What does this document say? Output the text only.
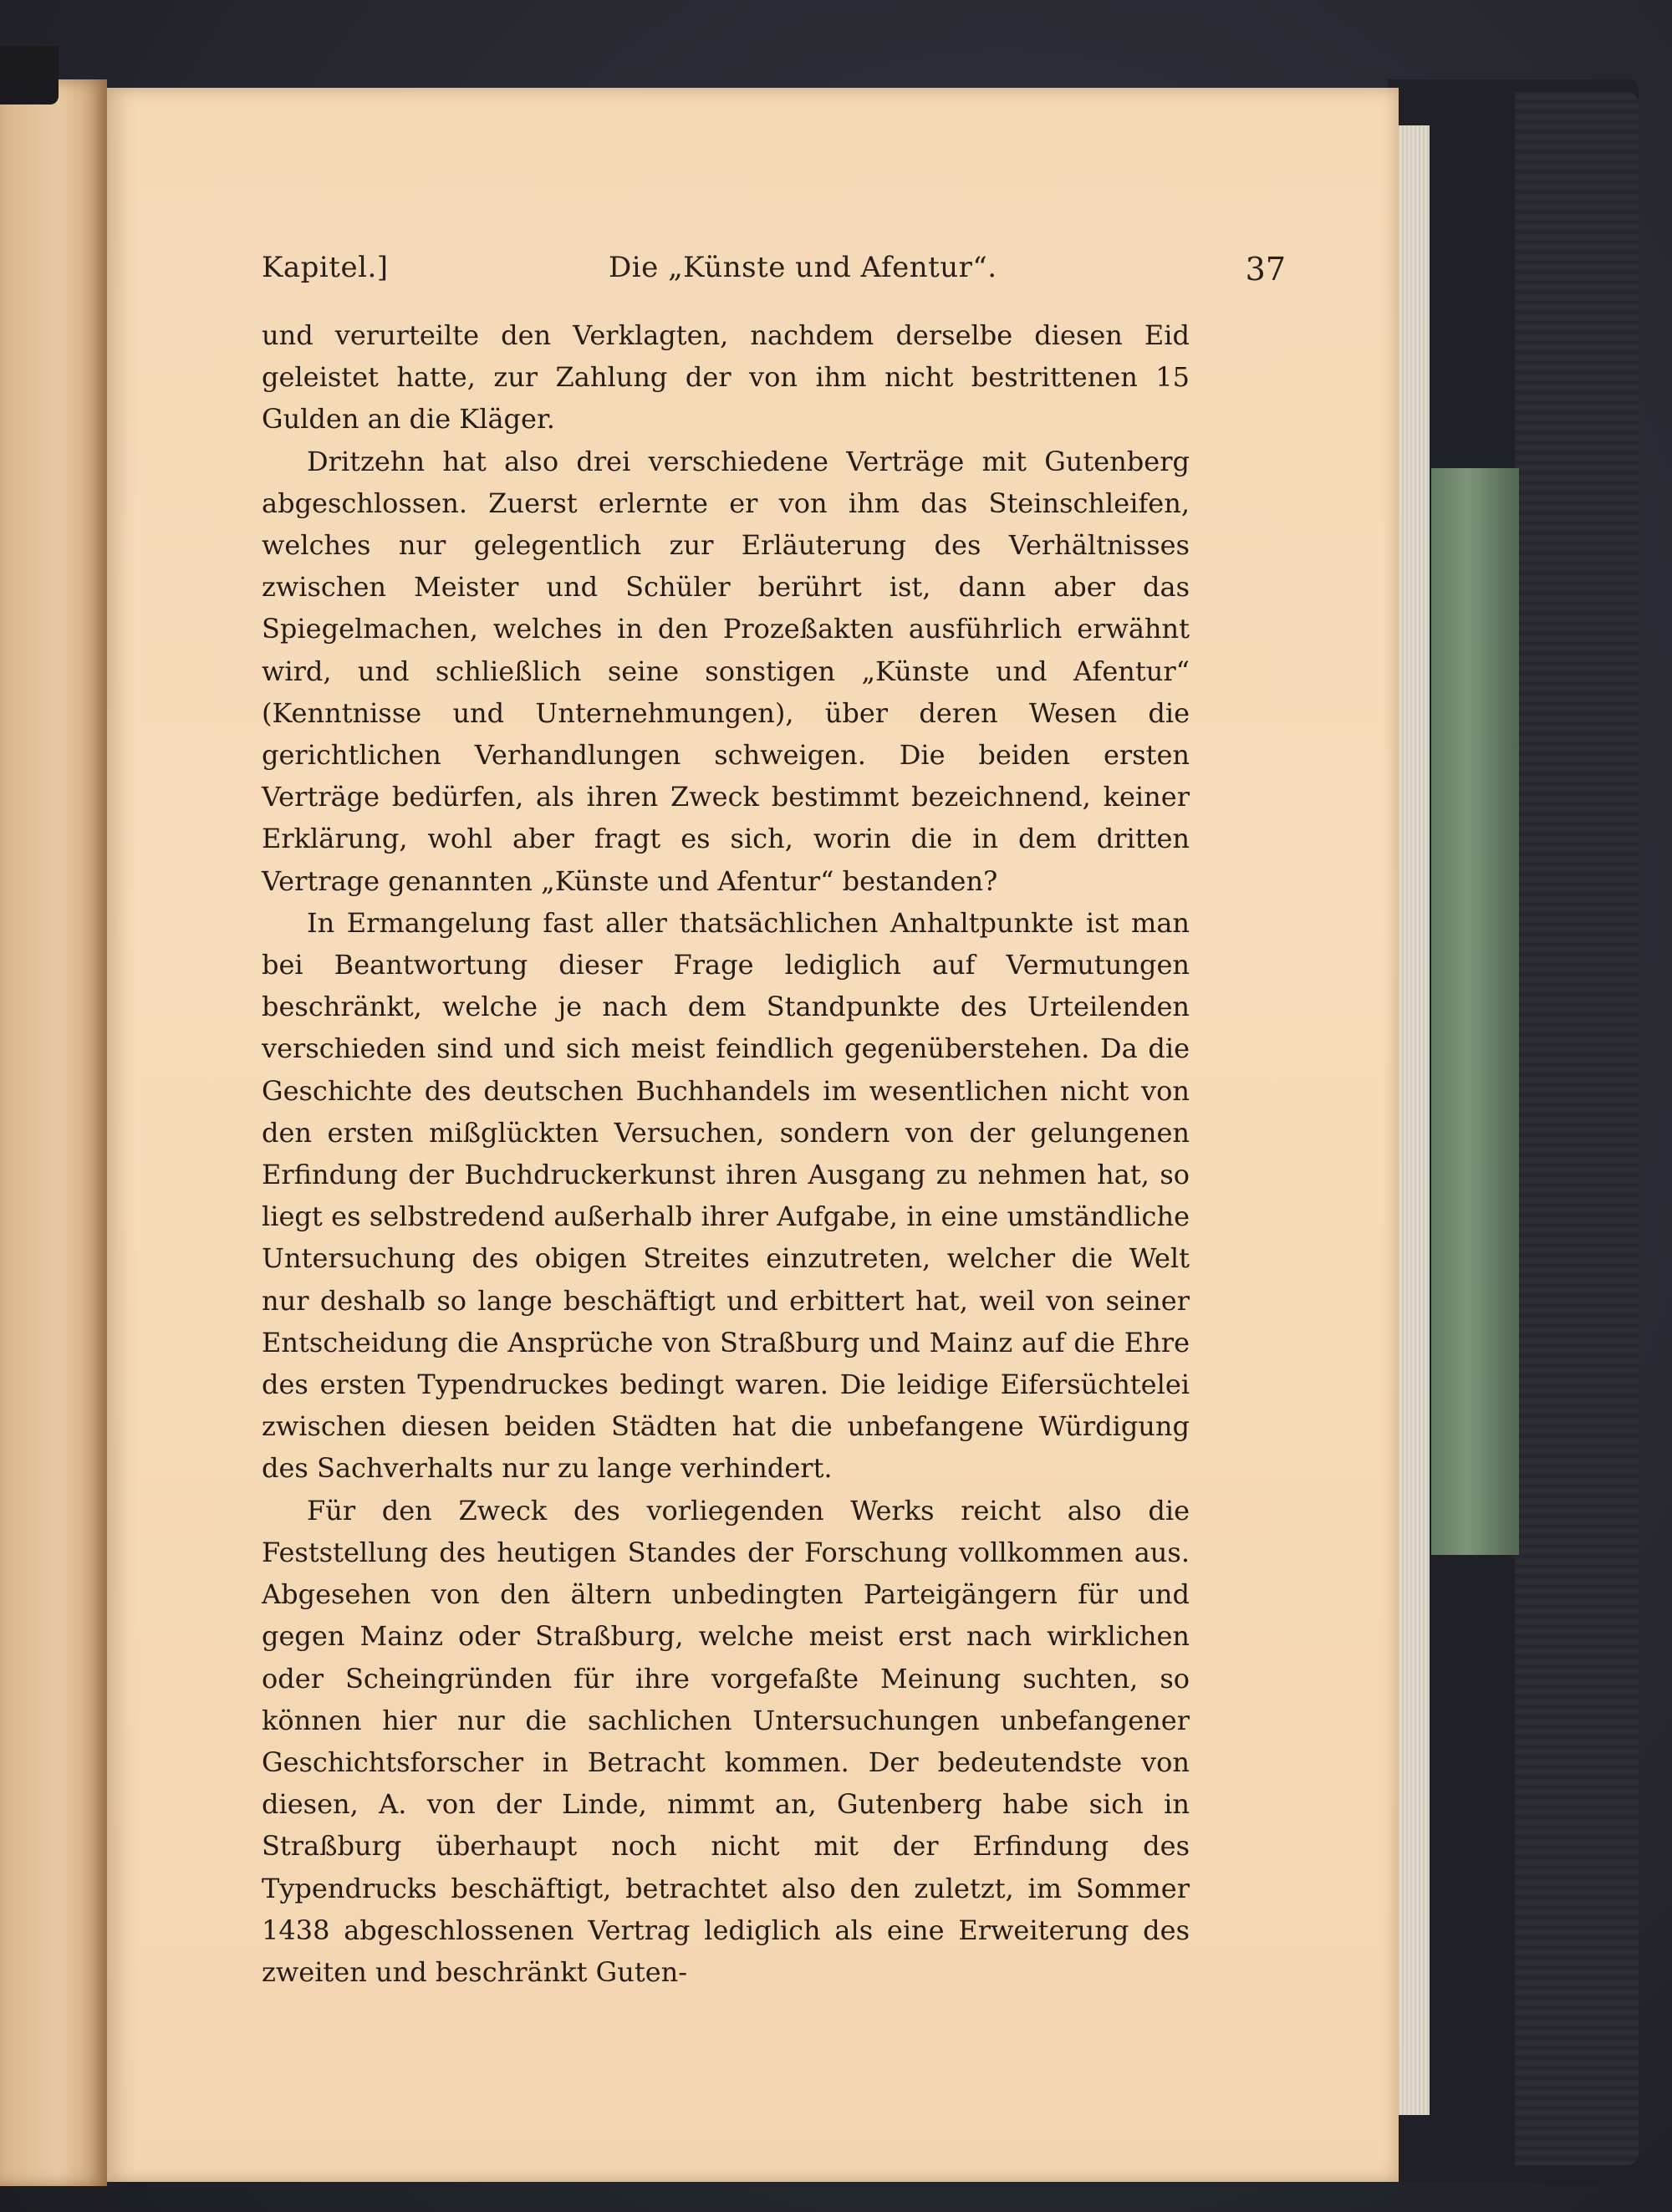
Kapitel.]	Die „Künste und Afentur“.	37

und verurteilte den Verklagten, nachdem derselbe diesen Eid geleistet hatte, zur Zahlung der von ihm nicht bestrittenen 15 Gulden an die Kläger.

Dritzehn hat also drei verschiedene Verträge mit Gutenberg abgeschlossen. Zuerst erlernte er von ihm das Steinschleifen, welches nur gelegentlich zur Erläuterung des Verhältnisses zwischen Meister und Schüler berührt ist, dann aber das Spiegelmachen, welches in den Prozeßakten ausführlich erwähnt wird, und schließlich seine sonstigen „Künste und Afentur“ (Kenntnisse und Unternehmungen), über deren Wesen die gerichtlichen Verhandlungen schweigen. Die beiden ersten Verträge bedürfen, als ihren Zweck bestimmt bezeichnend, keiner Erklärung, wohl aber fragt es sich, worin die in dem dritten Vertrage genannten „Künste und Afentur“ bestanden?

In Ermangelung fast aller thatsächlichen Anhaltpunkte ist man bei Beantwortung dieser Frage lediglich auf Vermutungen beschränkt, welche je nach dem Standpunkte des Urteilenden verschieden sind und sich meist feindlich gegenüberstehen. Da die Geschichte des deutschen Buchhandels im wesentlichen nicht von den ersten mißglückten Versuchen, sondern von der gelungenen Erfindung der Buchdruckerkunst ihren Ausgang zu nehmen hat, so liegt es selbstredend außerhalb ihrer Aufgabe, in eine umständliche Untersuchung des obigen Streites einzutreten, welcher die Welt nur deshalb so lange beschäftigt und erbittert hat, weil von seiner Entscheidung die Ansprüche von Straßburg und Mainz auf die Ehre des ersten Typendruckes bedingt waren. Die leidige Eifersüchtelei zwischen diesen beiden Städten hat die unbefangene Würdigung des Sachverhalts nur zu lange verhindert.

Für den Zweck des vorliegenden Werks reicht also die Feststellung des heutigen Standes der Forschung vollkommen aus. Abgesehen von den ältern unbedingten Parteigängern für und gegen Mainz oder Straßburg, welche meist erst nach wirklichen oder Scheingründen für ihre vorgefaßte Meinung suchten, so können hier nur die sachlichen Untersuchungen unbefangener Geschichtsforscher in Betracht kommen. Der bedeutendste von diesen, A. von der Linde, nimmt an, Gutenberg habe sich in Straßburg überhaupt noch nicht mit der Erfindung des Typendrucks beschäftigt, betrachtet also den zuletzt, im Sommer 1438 abgeschlossenen Vertrag lediglich als eine Erweiterung des zweiten und beschränkt Guten-
